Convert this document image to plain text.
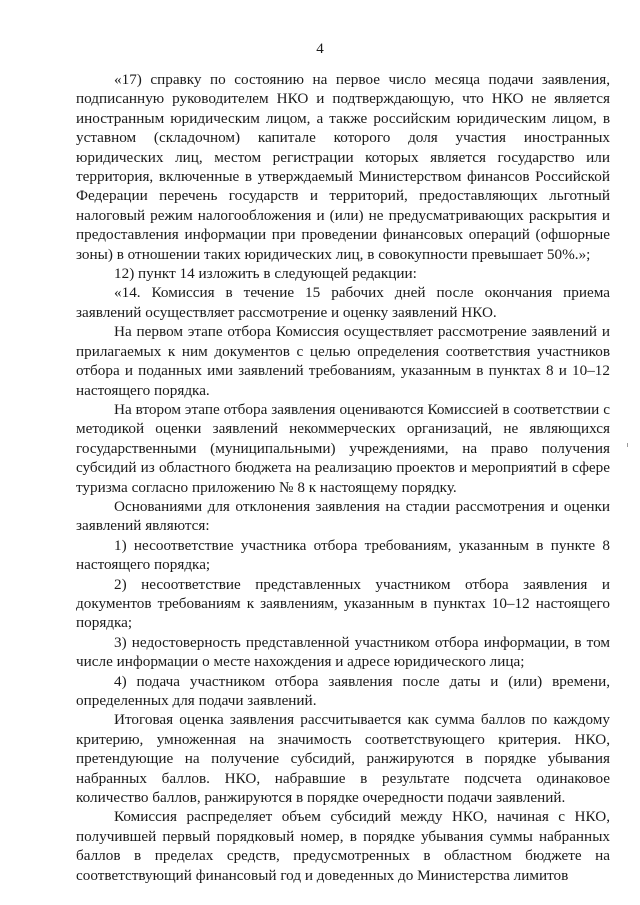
4

«17) справку по состоянию на первое число месяца подачи заявления, подписанную руководителем НКО и подтверждающую, что НКО не является иностранным юридическим лицом, а также российским юридическим лицом, в уставном (складочном) капитале которого доля участия иностранных юридических лиц, местом регистрации которых является государство или территория, включенные в утверждаемый Министерством финансов Российской Федерации перечень государств и территорий, предоставляющих льготный налоговый режим налогообложения и (или) не предусматривающих раскрытия и предоставления информации при проведении финансовых операций (офшорные зоны) в отношении таких юридических лиц, в совокупности превышает 50%.»;

12) пункт 14 изложить в следующей редакции:

«14. Комиссия в течение 15 рабочих дней после окончания приема заявлений осуществляет рассмотрение и оценку заявлений НКО.

На первом этапе отбора Комиссия осуществляет рассмотрение заявлений и прилагаемых к ним документов с целью определения соответствия участников отбора и поданных ими заявлений требованиям, указанным в пунктах 8 и 10–12 настоящего порядка.

На втором этапе отбора заявления оцениваются Комиссией в соответствии с методикой оценки заявлений некоммерческих организаций, не являющихся государственными (муниципальными) учреждениями, на право получения субсидий из областного бюджета на реализацию проектов и мероприятий в сфере туризма согласно приложению № 8 к настоящему порядку.

Основаниями для отклонения заявления на стадии рассмотрения и оценки заявлений являются:

1) несоответствие участника отбора требованиям, указанным в пункте 8 настоящего порядка;

2) несоответствие представленных участником отбора заявления и документов требованиям к заявлениям, указанным в пунктах 10–12 настоящего порядка;

3) недостоверность представленной участником отбора информации, в том числе информации о месте нахождения и адресе юридического лица;

4) подача участником отбора заявления после даты и (или) времени, определенных для подачи заявлений.

Итоговая оценка заявления рассчитывается как сумма баллов по каждому критерию, умноженная на значимость соответствующего критерия. НКО, претендующие на получение субсидий, ранжируются в порядке убывания набранных баллов. НКО, набравшие в результате подсчета одинаковое количество баллов, ранжируются в порядке очередности подачи заявлений.

Комиссия распределяет объем субсидий между НКО, начиная с НКО, получившей первый порядковый номер, в порядке убывания суммы набранных баллов в пределах средств, предусмотренных в областном бюджете на соответствующий финансовый год и доведенных до Министерства лимитов
